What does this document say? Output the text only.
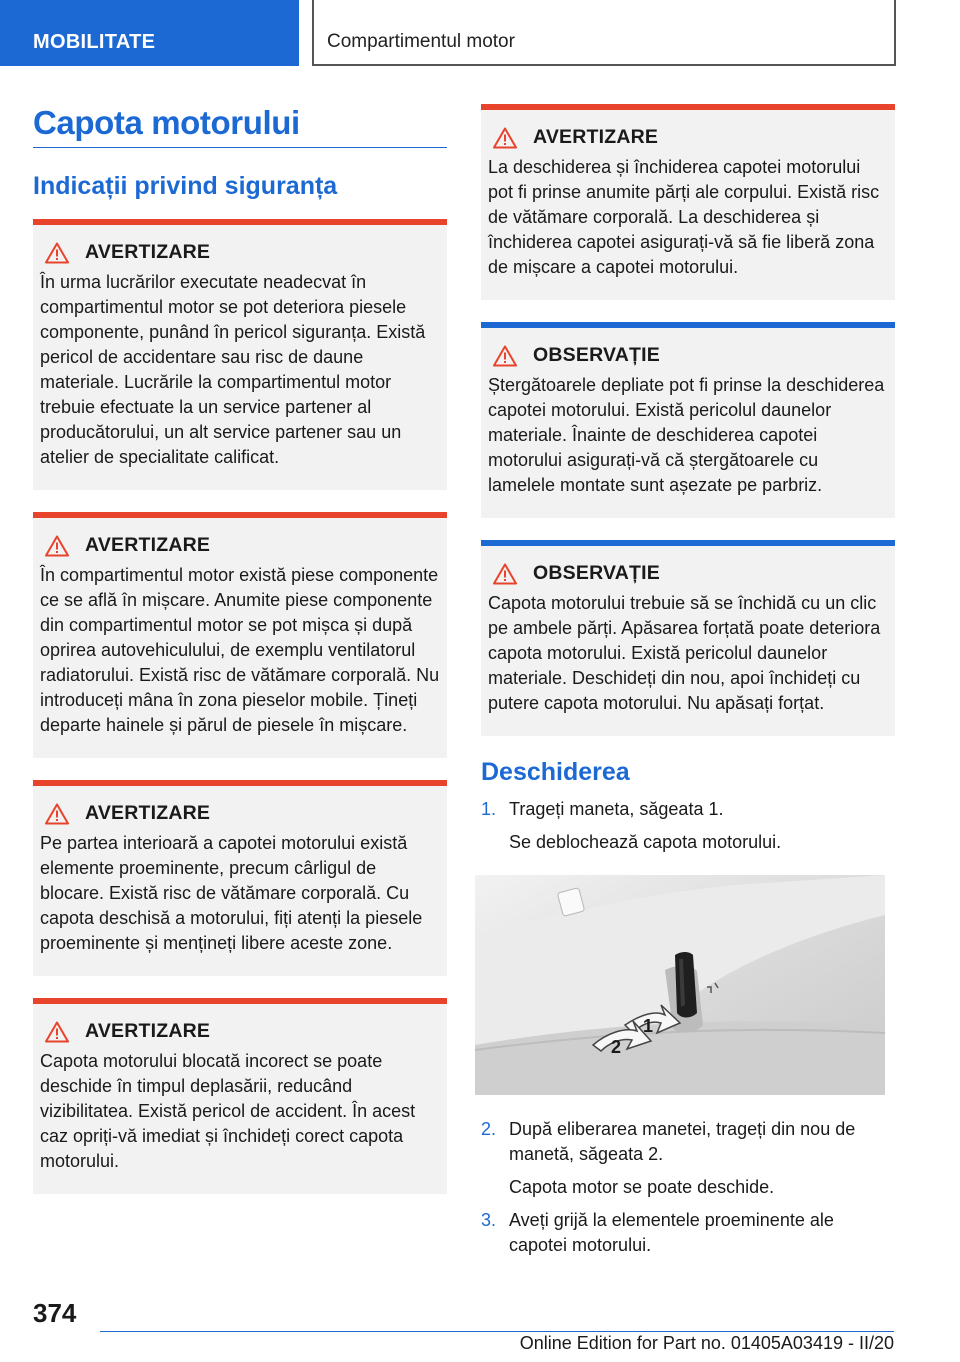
MOBILITATE	Compartimentul motor
Capota motorului
Indicații privind siguranța
AVERTIZARE
În urma lucrărilor executate neadecvat în compartimentul motor se pot deteriora piesele componente, punând în pericol siguranța. Există pericol de accidentare sau risc de daune materiale. Lucrările la compartimentul motor trebuie efectuate la un service partener al producătorului, un alt service partener sau un atelier de specialitate calificat.
AVERTIZARE
În compartimentul motor există piese componente ce se află în mișcare. Anumite piese componente din compartimentul motor se pot mișca și după oprirea autovehiculului, de exemplu ventilatorul radiatorului. Există risc de vătămare corporală. Nu introduceți mâna în zona pieselor mobile. Țineți departe hainele și părul de piesele în mișcare.
AVERTIZARE
Pe partea interioară a capotei motorului există elemente proeminente, precum cârligul de blocare. Există risc de vătămare corporală. Cu capota deschisă a motorului, fiți atenți la piesele proeminente și mențineți libere aceste zone.
AVERTIZARE
Capota motorului blocată incorect se poate deschide în timpul deplasării, reducând vizibilitatea. Există pericol de accident. În acest caz opriți-vă imediat și închideți corect capota motorului.
AVERTIZARE
La deschiderea și închiderea capotei motorului pot fi prinse anumite părți ale corpului. Există risc de vătămare corporală. La deschiderea și închiderea capotei asigurați-vă să fie liberă zona de mișcare a capotei motorului.
OBSERVAȚIE
Ștergătoarele depliate pot fi prinse la deschiderea capotei motorului. Există pericolul daunelor materiale. Înainte de deschiderea capotei motorului asigurați-vă că ștergătoarele cu lamelele montate sunt așezate pe parbriz.
OBSERVAȚIE
Capota motorului trebuie să se închidă cu un clic pe ambele părți. Apăsarea forțată poate deteriora capota motorului. Există pericolul daunelor materiale. Deschideți din nou, apoi închideți cu putere capota motorului. Nu apăsați forțat.
Deschiderea
1. Trageți maneta, săgeata 1.
Se deblochează capota motorului.
1
2
2. După eliberarea manetei, trageți din nou de manetă, săgeata 2.
Capota motor se poate deschide.
3. Aveți grijă la elementele proeminente ale capotei motorului.
374
Online Edition for Part no. 01405A03419 - II/20
